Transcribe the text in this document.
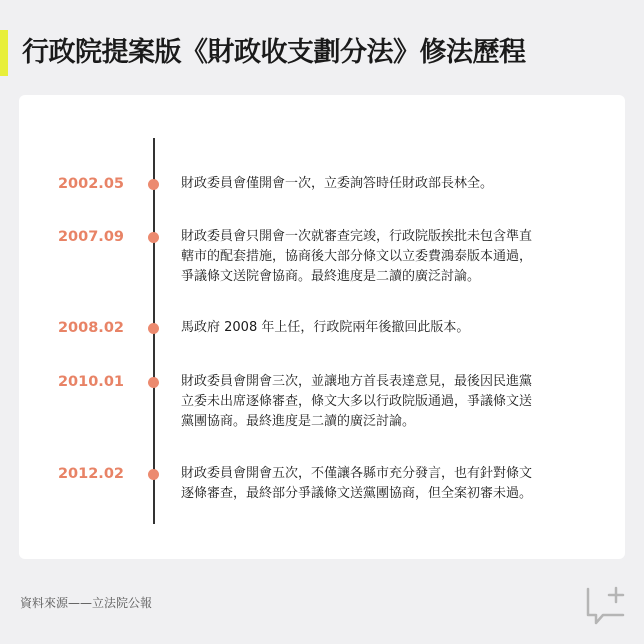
行政院提案版《財政收支劃分法》修法歷程
2002.05	財政委員會僅開會一次，立委詢答時任財政部長林全。
2007.09	財政委員會只開會一次就審查完竣，行政院版挨批未包含準直
轄市的配套措施，協商後大部分條文以立委費鴻泰版本通過，
爭議條文送院會協商。最終進度是二讀的廣泛討論。
2008.02	馬政府 2008 年上任，行政院兩年後撤回此版本。
2010.01	財政委員會開會三次，並讓地方首長表達意見，最後因民進黨
立委未出席逐條審查，條文大多以行政院版通過，爭議條文送
黨團協商。最終進度是二讀的廣泛討論。
2012.02	財政委員會開會五次，不僅讓各縣市充分發言，也有針對條文
逐條審查，最終部分爭議條文送黨團協商，但全案初審未過。
資料來源——立法院公報
